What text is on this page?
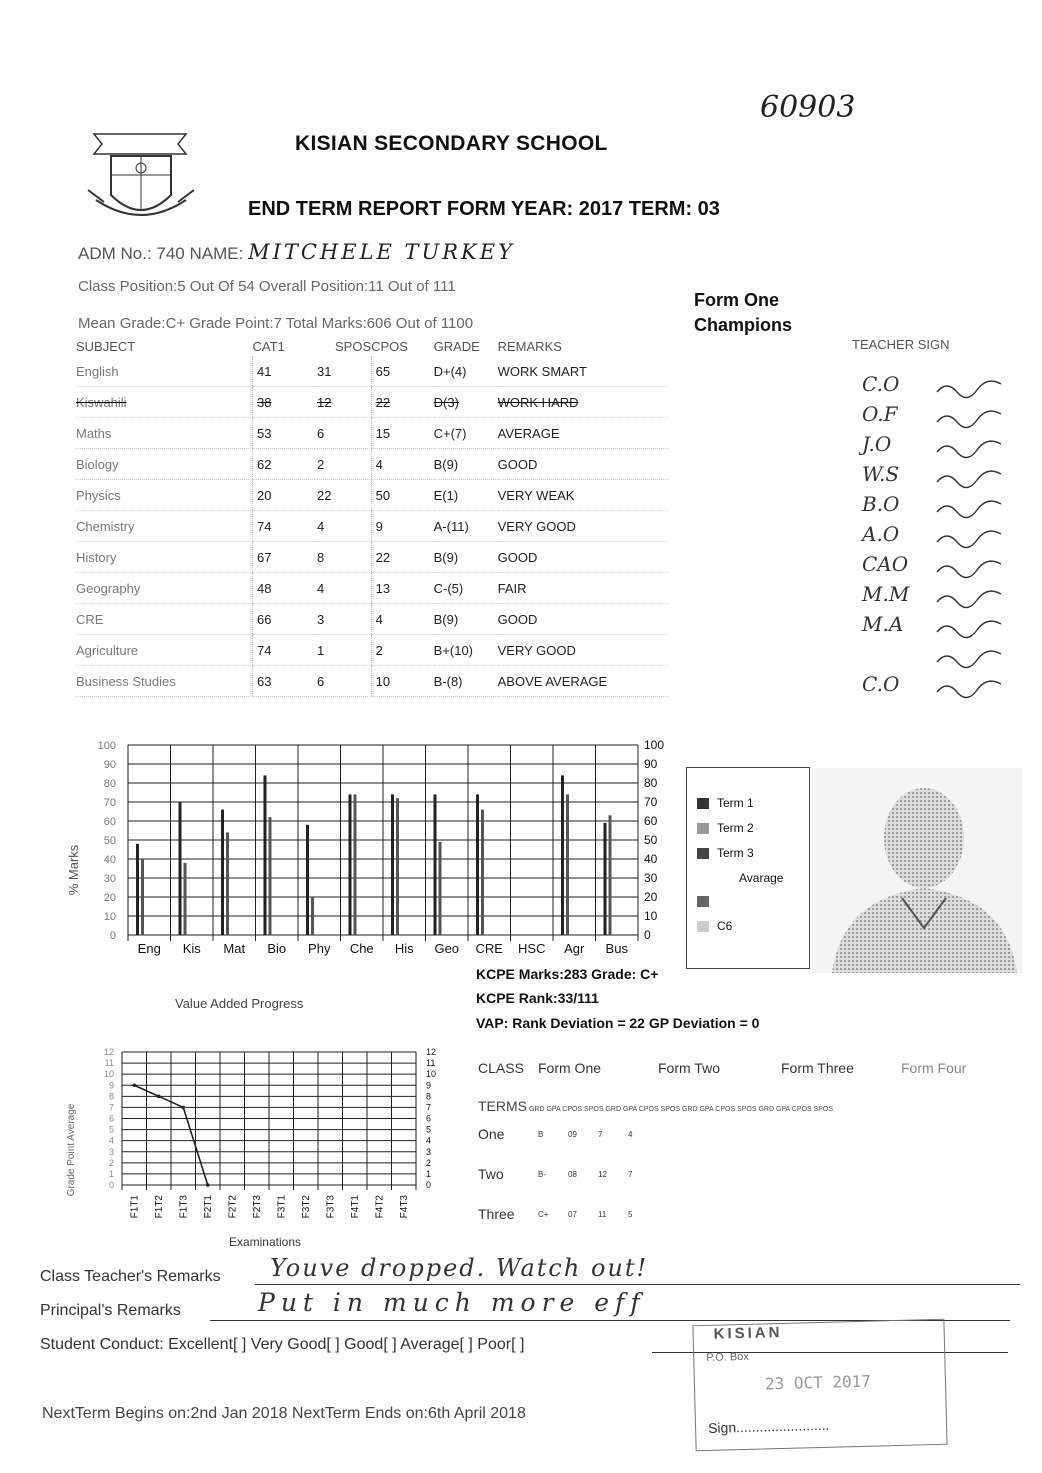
60903
KISIAN SECONDARY SCHOOL
END TERM REPORT FORM YEAR: 2017 TERM: 03
ADM No.: 740 NAME: MITCHELE TURKEY
Class Position:5 Out Of 54 Overall Position:11 Out of 111
Mean Grade:C+ Grade Point:7 Total Marks:606 Out of 1100
Form One
Champions
SUBJECT	CAT1	SPOS	CPOS	GRADE	REMARKS
English	41	31	65	D+(4)	WORK SMART
Kiswahili	38	12	22	D(3)	WORK HARD
Maths	53	6	15	C+(7)	AVERAGE
Biology	62	2	4	B(9)	GOOD
Physics	20	22	50	E(1)	VERY WEAK
Chemistry	74	4	9	A-(11)	VERY GOOD
History	67	8	22	B(9)	GOOD
Geography	48	4	13	C-(5)	FAIR
CRE	66	3	4	B(9)	GOOD
Agriculture	74	1	2	B+(10)	VERY GOOD
Business Studies	63	6	10	B-(8)	ABOVE AVERAGE
TEACHER SIGN
C.O
O.F
J.O
W.S
B.O
A.O
CAO
M.M
M.A
C.O
0	0
10	10
20	20
30	30
40	40
50	50
60	60
70	70
80	80
90	90
100	100
Eng Kis Mat Bio Phy Che His Geo CRE HSC Agr Bus
% Marks
Term 1
Term 2
Term 3
Avarage
C6
KCPE Marks:283 Grade: C+
KCPE Rank:33/111
VAP: Rank Deviation = 22 GP Deviation = 0
Value Added Progress
0	0
1	1
2	2
3	3
4	4
5	5
6	6
7	7
8	8
9	9
10	10
11	11
12	12
F1T1 F1T2 F1T3 F2T1 F2T2 F2T3 F3T1 F3T2 F3T3 F4T1 F4T2 F4T3
Grade Point Average
Examinations
CLASS Form One	Form Two	Form Three	Form Four
TERMS GRD GPA CPOS SPOS GRD GPA CPOS SPOS GRD GPA CPOS SPOS GRD GPA CPOS SPOS
One	B	09	7	4
Two	B-	08	12	7
Three	C+ 07	11	5
Class Teacher's Remarks Youve dropped. Watch out!
Principal's Remarks	Put in much more eff
Student Conduct: Excellent[ ] Very Good[ ] Good[ ] Average[ ] Poor[ ]
KISIAN
P.O. Box
23 OCT 2017
Sign........................
NextTerm Begins on:2nd Jan 2018 NextTerm Ends on:6th April 2018
